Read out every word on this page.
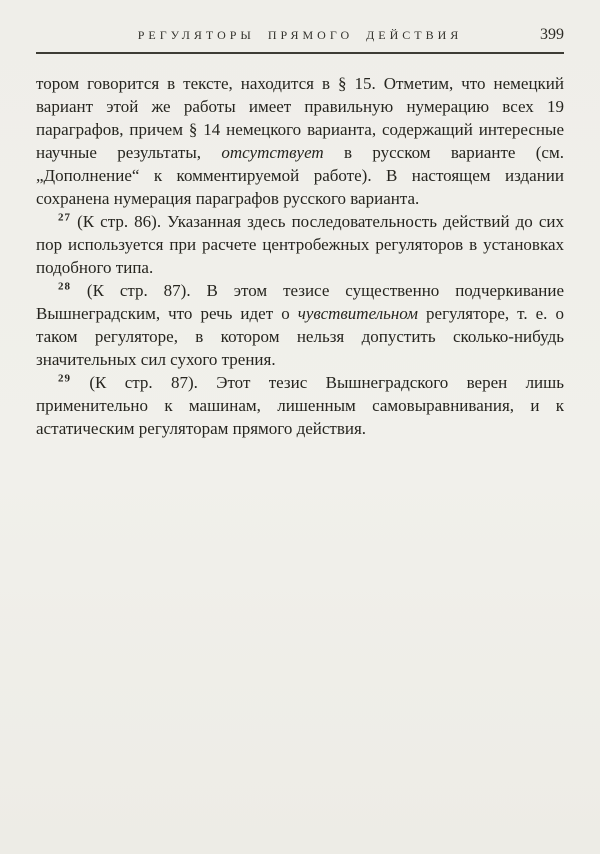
РЕГУЛЯТОРЫ ПРЯМОГО ДЕЙСТВИЯ	399

тором говорится в тексте, находится в § 15. Отметим, что немецкий вариант этой же работы имеет правильную нумерацию всех 19 параграфов, причем § 14 немецкого варианта, содержащий интересные научные результаты, отсутствует в русском варианте (см. „Дополнение“ к комментируемой работе). В настоящем издании сохранена нумерация параграфов русского варианта.

$^{27}$ (К стр. 86). Указанная здесь последовательность действий до сих пор используется при расчете центробежных регуляторов в установках подобного типа.

$^{28}$ (К стр. 87). В этом тезисе существенно подчеркивание Вышнеградским, что речь идет о чувствительном регуляторе, т. е. о таком регуляторе, в котором нельзя допустить сколько-нибудь значительных сил сухого трения.

$^{29}$ (К стр. 87). Этот тезис Вышнеградского верен лишь применительно к машинам, лишенным самовыравнивания, и к астатическим регуляторам прямого действия.
